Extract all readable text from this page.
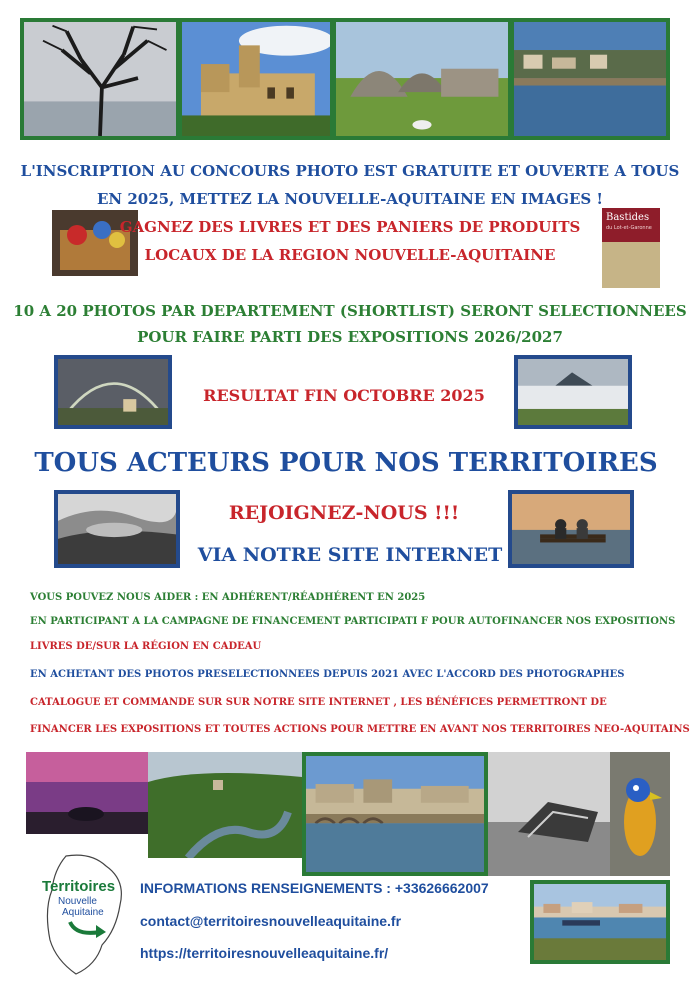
L'INSCRIPTION AU CONCOURS PHOTO EST GRATUITE ET OUVERTE A TOUS
EN 2025, METTEZ LA NOUVELLE-AQUITAINE EN IMAGES !
Bastides
du Lot-et-Garonne
GAGNEZ DES LIVRES ET DES PANIERS DE PRODUITS
LOCAUX DE LA REGION NOUVELLE-AQUITAINE
10 A 20 PHOTOS PAR DEPARTEMENT (SHORTLIST) SERONT SELECTIONNEES
POUR FAIRE PARTI DES EXPOSITIONS 2026/2027
RESULTAT FIN OCTOBRE 2025
TOUS ACTEURS POUR NOS TERRITOIRES
REJOIGNEZ-NOUS !!!
VIA NOTRE SITE INTERNET
VOUS POUVEZ NOUS AIDER : EN ADHÉRENT/RÉADHÉRENT EN 2025
EN PARTICIPANT A LA CAMPAGNE DE FINANCEMENT PARTICIPATI F POUR AUTOFINANCER NOS EXPOSITIONS
LIVRES DE/SUR LA RÉGION EN CADEAU
EN ACHETANT DES PHOTOS PRESELECTIONNEES DEPUIS 2021 AVEC L'ACCORD DES PHOTOGRAPHES
CATALOGUE ET COMMANDE SUR SUR NOTRE SITE INTERNET , LES BÉNÉFICES PERMETTRONT DE
FINANCER LES EXPOSITIONS ET TOUTES ACTIONS POUR METTRE EN AVANT NOS TERRITOIRES NEO-AQUITAINS
Territoires
Nouvelle
Aquitaine
INFORMATIONS RENSEIGNEMENTS : +33626662007
contact@territoiresnouvelleaquitaine.fr
https://territoiresnouvelleaquitaine.fr/
